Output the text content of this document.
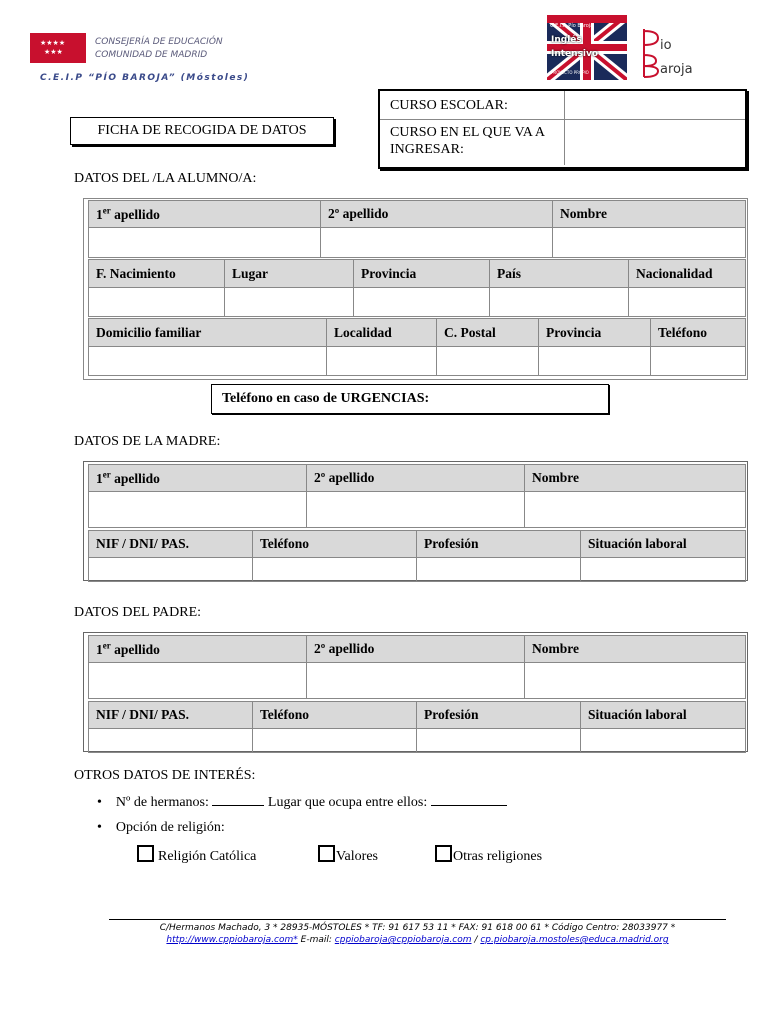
★★★★
★★★
CONSEJERÍA DE EDUCACIÓN
COMUNIDAD DE MADRID
C.E.I.P “PÍO BAROJA” (Móstoles)
C.E.I.P. Pío Baroja
Inglés
Intensivo
PROYECTO PROPIO
io
aroja
CURSO ESCOLAR:
CURSO EN EL QUE VA A INGRESAR:
FICHA DE RECOGIDA DE DATOS
DATOS DEL /LA ALUMNO/A:
1er apellido	2º apellido	Nombre

F. Nacimiento	Lugar	Provincia	País	Nacionalidad

Domicilio familiar	Localidad	C. Postal	Provincia	Teléfono

Teléfono en caso de URGENCIAS:
DATOS DE LA MADRE:
1er apellido	2º apellido	Nombre

NIF / DNI/ PAS.	Teléfono	Profesión	Situación laboral

DATOS DEL PADRE:
1er apellido	2º apellido	Nombre

NIF / DNI/ PAS.	Teléfono	Profesión	Situación laboral

OTROS DATOS DE INTERÉS:
• Nº de hermanos:	Lugar que ocupa entre ellos:
• Opción de religión:
Religión Católica	Valores	Otras religiones
C/Hermanos Machado, 3 * 28935-MÓSTOLES * TF: 91 617 53 11 * FAX: 91 618 00 61 * Código Centro: 28033977 *
http://www.cppiobaroja.com* E-mail: cppiobaroja@cppiobaroja.com / cp.piobaroja.mostoles@educa.madrid.org
